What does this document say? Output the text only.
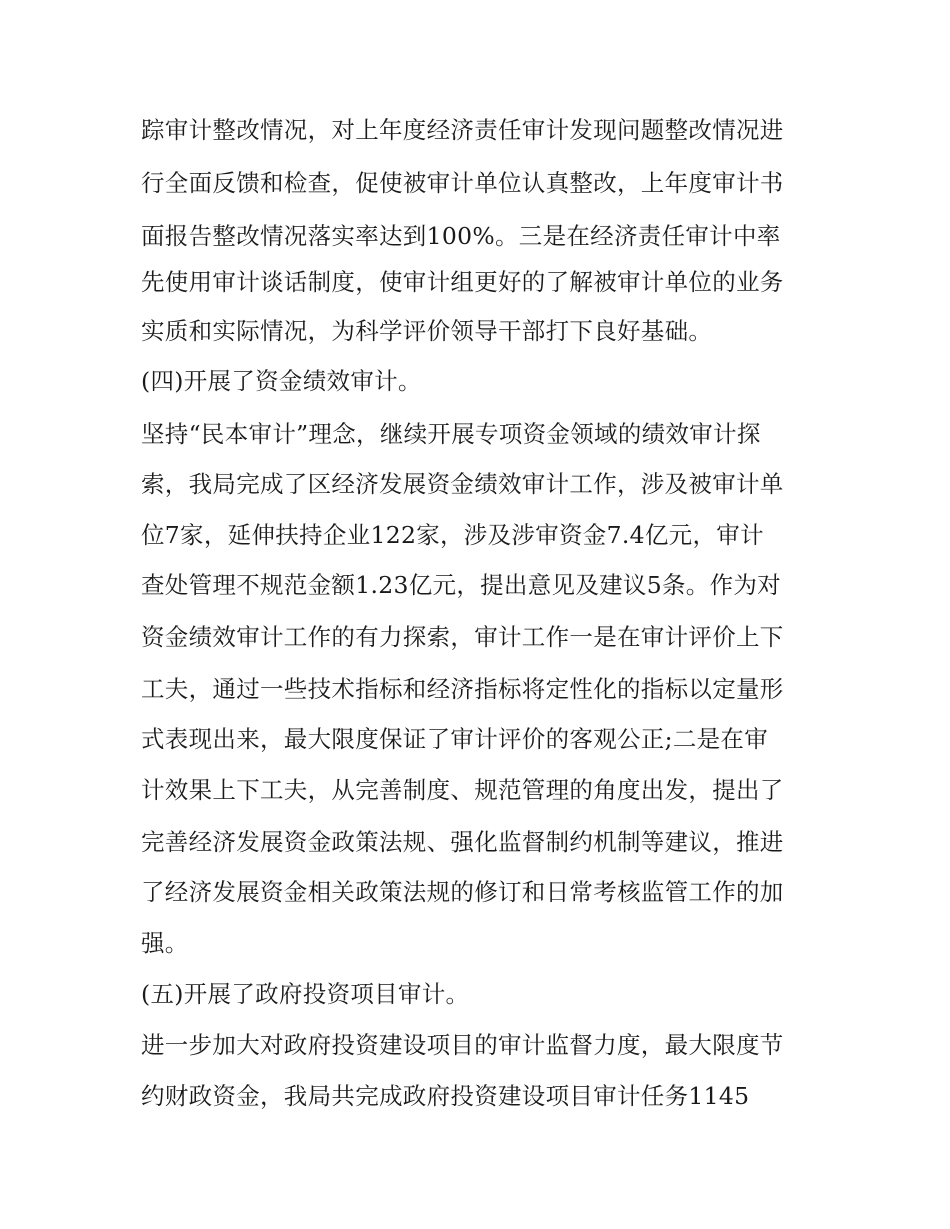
踪审计整改情况，对上年度经济责任审计发现问题整改情况进
行全面反馈和检查，促使被审计单位认真整改，上年度审计书
面报告整改情况落实率达到100%。三是在经济责任审计中率
先使用审计谈话制度，使审计组更好的了解被审计单位的业务
实质和实际情况，为科学评价领导干部打下良好基础。
(四)开展了资金绩效审计。
坚持“民本审计”理念，继续开展专项资金领域的绩效审计探
索，我局完成了区经济发展资金绩效审计工作，涉及被审计单
位7家，延伸扶持企业122家，涉及涉审资金7.4亿元，审计
查处管理不规范金额1.23亿元，提出意见及建议5条。作为对
资金绩效审计工作的有力探索，审计工作一是在审计评价上下
工夫，通过一些技术指标和经济指标将定性化的指标以定量形
式表现出来，最大限度保证了审计评价的客观公正;二是在审
计效果上下工夫，从完善制度、规范管理的角度出发，提出了
完善经济发展资金政策法规、强化监督制约机制等建议，推进
了经济发展资金相关政策法规的修订和日常考核监管工作的加
强。
(五)开展了政府投资项目审计。
进一步加大对政府投资建设项目的审计监督力度，最大限度节
约财政资金，我局共完成政府投资建设项目审计任务1145
